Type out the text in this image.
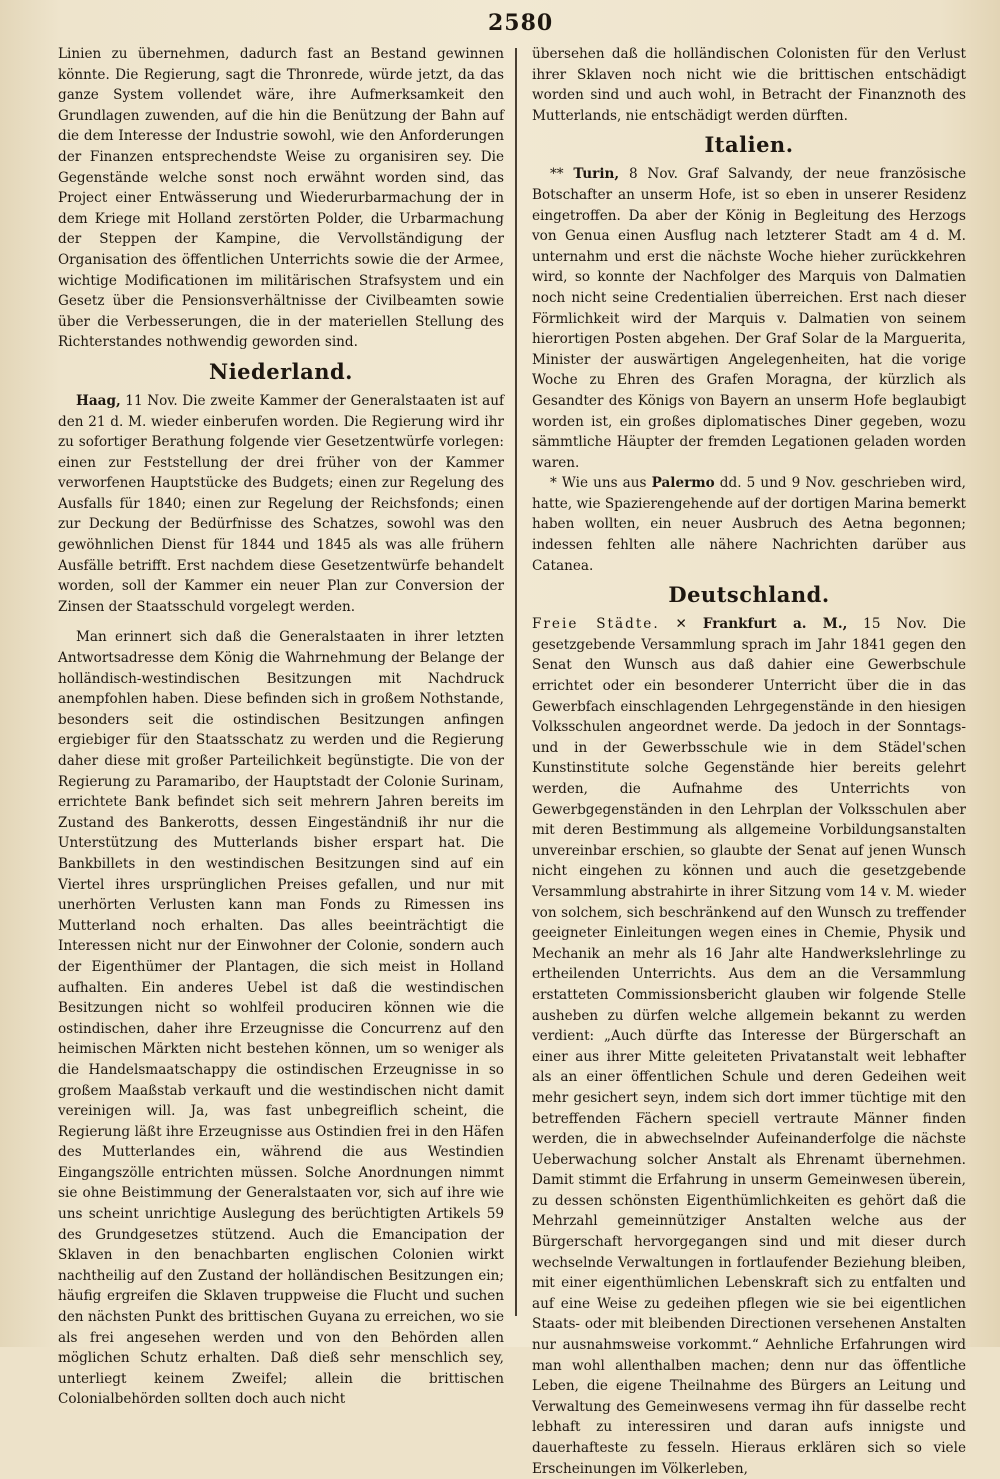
2580

Linien zu übernehmen, dadurch fast an Bestand gewinnen könnte. Die Regierung, sagt die Thronrede, würde jetzt, da das ganze System vollendet wäre, ihre Aufmerksamkeit den Grundlagen zuwenden, auf die hin die Benützung der Bahn auf die dem Interesse der Industrie sowohl, wie den Anforderungen der Finanzen entsprechendste Weise zu organisiren sey. Die Gegenstände welche sonst noch erwähnt worden sind, das Project einer Entwässerung und Wiederurbarmachung der in dem Kriege mit Holland zerstörten Polder, die Urbarmachung der Steppen der Kampine, die Vervollständigung der Organisation des öffentlichen Unterrichts sowie die der Armee, wichtige Modificationen im militärischen Strafsystem und ein Gesetz über die Pensionsverhältnisse der Civilbeamten sowie über die Verbesserungen, die in der materiellen Stellung des Richterstandes nothwendig geworden sind.

Niederland.

Haag, 11 Nov. Die zweite Kammer der Generalstaaten ist auf den 21 d. M. wieder einberufen worden. Die Regierung wird ihr zu sofortiger Berathung folgende vier Gesetzentwürfe vorlegen: einen zur Feststellung der drei früher von der Kammer verworfenen Hauptstücke des Budgets; einen zur Regelung des Ausfalls für 1840; einen zur Regelung der Reichsfonds; einen zur Deckung der Bedürfnisse des Schatzes, sowohl was den gewöhnlichen Dienst für 1844 und 1845 als was alle frühern Ausfälle betrifft. Erst nachdem diese Gesetzentwürfe behandelt worden, soll der Kammer ein neuer Plan zur Conversion der Zinsen der Staatsschuld vorgelegt werden.

Man erinnert sich daß die Generalstaaten in ihrer letzten Antwortsadresse dem König die Wahrnehmung der Belange der holländisch-westindischen Besitzungen mit Nachdruck anempfohlen haben. Diese befinden sich in großem Nothstande, besonders seit die ostindischen Besitzungen anfingen ergiebiger für den Staatsschatz zu werden und die Regierung daher diese mit großer Parteilichkeit begünstigte. Die von der Regierung zu Paramaribo, der Hauptstadt der Colonie Surinam, errichtete Bank befindet sich seit mehrern Jahren bereits im Zustand des Bankerotts, dessen Eingeständniß ihr nur die Unterstützung des Mutterlands bisher erspart hat. Die Bankbillets in den westindischen Besitzungen sind auf ein Viertel ihres ursprünglichen Preises gefallen, und nur mit unerhörten Verlusten kann man Fonds zu Rimessen ins Mutterland noch erhalten. Das alles beeinträchtigt die Interessen nicht nur der Einwohner der Colonie, sondern auch der Eigenthümer der Plantagen, die sich meist in Holland aufhalten. Ein anderes Uebel ist daß die westindischen Besitzungen nicht so wohlfeil produciren können wie die ostindischen, daher ihre Erzeugnisse die Concurrenz auf den heimischen Märkten nicht bestehen können, um so weniger als die Handelsmaatschappy die ostindischen Erzeugnisse in so großem Maaßstab verkauft und die westindischen nicht damit vereinigen will. Ja, was fast unbegreiflich scheint, die Regierung läßt ihre Erzeugnisse aus Ostindien frei in den Häfen des Mutterlandes ein, während die aus Westindien Eingangszölle entrichten müssen. Solche Anordnungen nimmt sie ohne Beistimmung der Generalstaaten vor, sich auf ihre wie uns scheint unrichtige Auslegung des berüchtigten Artikels 59 des Grundgesetzes stützend. Auch die Emancipation der Sklaven in den benachbarten englischen Colonien wirkt nachtheilig auf den Zustand der holländischen Besitzungen ein; häufig ergreifen die Sklaven truppweise die Flucht und suchen den nächsten Punkt des brittischen Guyana zu erreichen, wo sie als frei angesehen werden und von den Behörden allen möglichen Schutz erhalten. Daß dieß sehr menschlich sey, unterliegt keinem Zweifel; allein die brittischen Colonialbehörden sollten doch auch nicht

übersehen daß die holländischen Colonisten für den Verlust ihrer Sklaven noch nicht wie die brittischen entschädigt worden sind und auch wohl, in Betracht der Finanznoth des Mutterlands, nie entschädigt werden dürften.

Italien.

** Turin, 8 Nov. Graf Salvandy, der neue französische Botschafter an unserm Hofe, ist so eben in unserer Residenz eingetroffen. Da aber der König in Begleitung des Herzogs von Genua einen Ausflug nach letzterer Stadt am 4 d. M. unternahm und erst die nächste Woche hieher zurückkehren wird, so konnte der Nachfolger des Marquis von Dalmatien noch nicht seine Credentialien überreichen. Erst nach dieser Förmlichkeit wird der Marquis v. Dalmatien von seinem hierortigen Posten abgehen. Der Graf Solar de la Marguerita, Minister der auswärtigen Angelegenheiten, hat die vorige Woche zu Ehren des Grafen Moragna, der kürzlich als Gesandter des Königs von Bayern an unserm Hofe beglaubigt worden ist, ein großes diplomatisches Diner gegeben, wozu sämmtliche Häupter der fremden Legationen geladen worden waren.

* Wie uns aus Palermo dd. 5 und 9 Nov. geschrieben wird, hatte, wie Spazierengehende auf der dortigen Marina bemerkt haben wollten, ein neuer Ausbruch des Aetna begonnen; indessen fehlten alle nähere Nachrichten darüber aus Catanea.

Deutschland.

Freie Städte. ✕ Frankfurt a. M., 15 Nov. Die gesetzgebende Versammlung sprach im Jahr 1841 gegen den Senat den Wunsch aus daß dahier eine Gewerbschule errichtet oder ein besonderer Unterricht über die in das Gewerbfach einschlagenden Lehrgegenstände in den hiesigen Volksschulen angeordnet werde. Da jedoch in der Sonntags- und in der Gewerbsschule wie in dem Städel'schen Kunstinstitute solche Gegenstände hier bereits gelehrt werden, die Aufnahme des Unterrichts von Gewerbgegenständen in den Lehrplan der Volksschulen aber mit deren Bestimmung als allgemeine Vorbildungsanstalten unvereinbar erschien, so glaubte der Senat auf jenen Wunsch nicht eingehen zu können und auch die gesetzgebende Versammlung abstrahirte in ihrer Sitzung vom 14 v. M. wieder von solchem, sich beschränkend auf den Wunsch zu treffender geeigneter Einleitungen wegen eines in Chemie, Physik und Mechanik an mehr als 16 Jahr alte Handwerkslehrlinge zu ertheilenden Unterrichts. Aus dem an die Versammlung erstatteten Commissionsbericht glauben wir folgende Stelle ausheben zu dürfen welche allgemein bekannt zu werden verdient: „Auch dürfte das Interesse der Bürgerschaft an einer aus ihrer Mitte geleiteten Privatanstalt weit lebhafter als an einer öffentlichen Schule und deren Gedeihen weit mehr gesichert seyn, indem sich dort immer tüchtige mit den betreffenden Fächern speciell vertraute Männer finden werden, die in abwechselnder Aufeinanderfolge die nächste Ueberwachung solcher Anstalt als Ehrenamt übernehmen. Damit stimmt die Erfahrung in unserm Gemeinwesen überein, zu dessen schönsten Eigenthümlichkeiten es gehört daß die Mehrzahl gemeinnütziger Anstalten welche aus der Bürgerschaft hervorgegangen sind und mit dieser durch wechselnde Verwaltungen in fortlaufender Beziehung bleiben, mit einer eigenthümlichen Lebenskraft sich zu entfalten und auf eine Weise zu gedeihen pflegen wie sie bei eigentlichen Staats- oder mit bleibenden Directionen versehenen Anstalten nur ausnahmsweise vorkommt.“ Aehnliche Erfahrungen wird man wohl allenthalben machen; denn nur das öffentliche Leben, die eigene Theilnahme des Bürgers an Leitung und Verwaltung des Gemeinwesens vermag ihn für dasselbe recht lebhaft zu interessiren und daran aufs innigste und dauerhafteste zu fesseln. Hieraus erklären sich so viele Erscheinungen im Völkerleben,
